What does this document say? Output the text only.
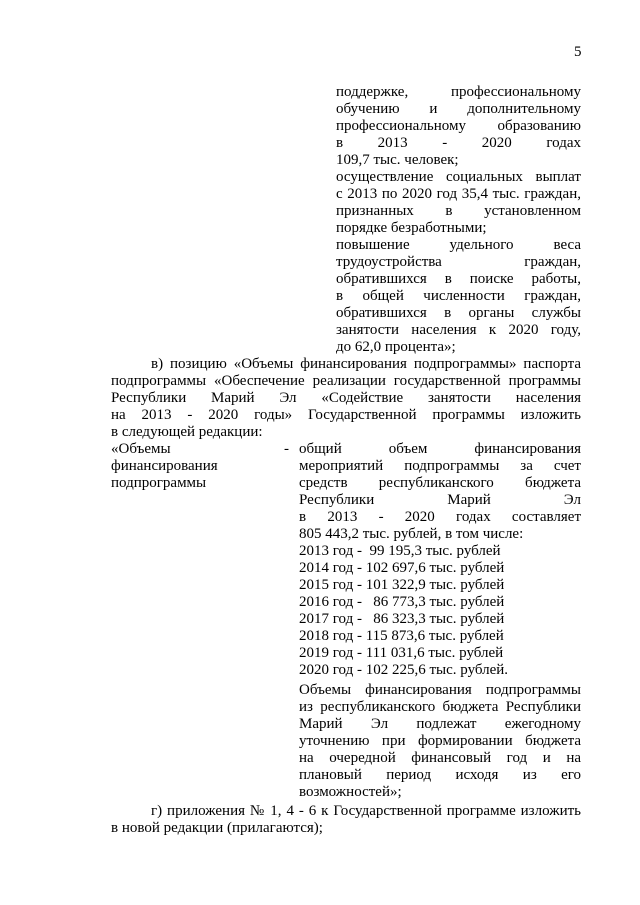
5
поддержке, профессиональному
обучению и дополнительному
профессиональному образованию
в 2013 - 2020 годах
109,7 тыс. человек;
осуществление социальных выплат
с 2013 по 2020 год 35,4 тыс. граждан,
признанных в установленном
порядке безработными;
повышение удельного веса
трудоустройства граждан,
обратившихся в поиске работы,
в общей численности граждан,
обратившихся в органы службы
занятости населения к 2020 году,
до 62,0 процента»;
в) позицию «Объемы финансирования подпрограммы» паспорта
подпрограммы «Обеспечение реализации государственной программы
Республики Марий Эл «Содействие занятости населения
на 2013 - 2020 годы» Государственной программы изложить
в следующей редакции:
«Объемы
финансирования
подпрограммы
- общий объем финансирования
мероприятий подпрограммы за счет
средств республиканского бюджета
Республики Марий Эл
в 2013 - 2020 годах составляет
805 443,2 тыс. рублей, в том числе:
2013 год -  99 195,3 тыс. рублей
2014 год - 102 697,6 тыс. рублей
2015 год - 101 322,9 тыс. рублей
2016 год -   86 773,3 тыс. рублей
2017 год -   86 323,3 тыс. рублей
2018 год - 115 873,6 тыс. рублей
2019 год - 111 031,6 тыс. рублей
2020 год - 102 225,6 тыс. рублей.
Объемы финансирования подпрограммы
из республиканского бюджета Республики
Марий Эл подлежат ежегодному
уточнению при формировании бюджета
на очередной финансовый год и на
плановый период исходя из его
возможностей»;
г) приложения № 1, 4 - 6 к Государственной программе изложить
в новой редакции (прилагаются);
